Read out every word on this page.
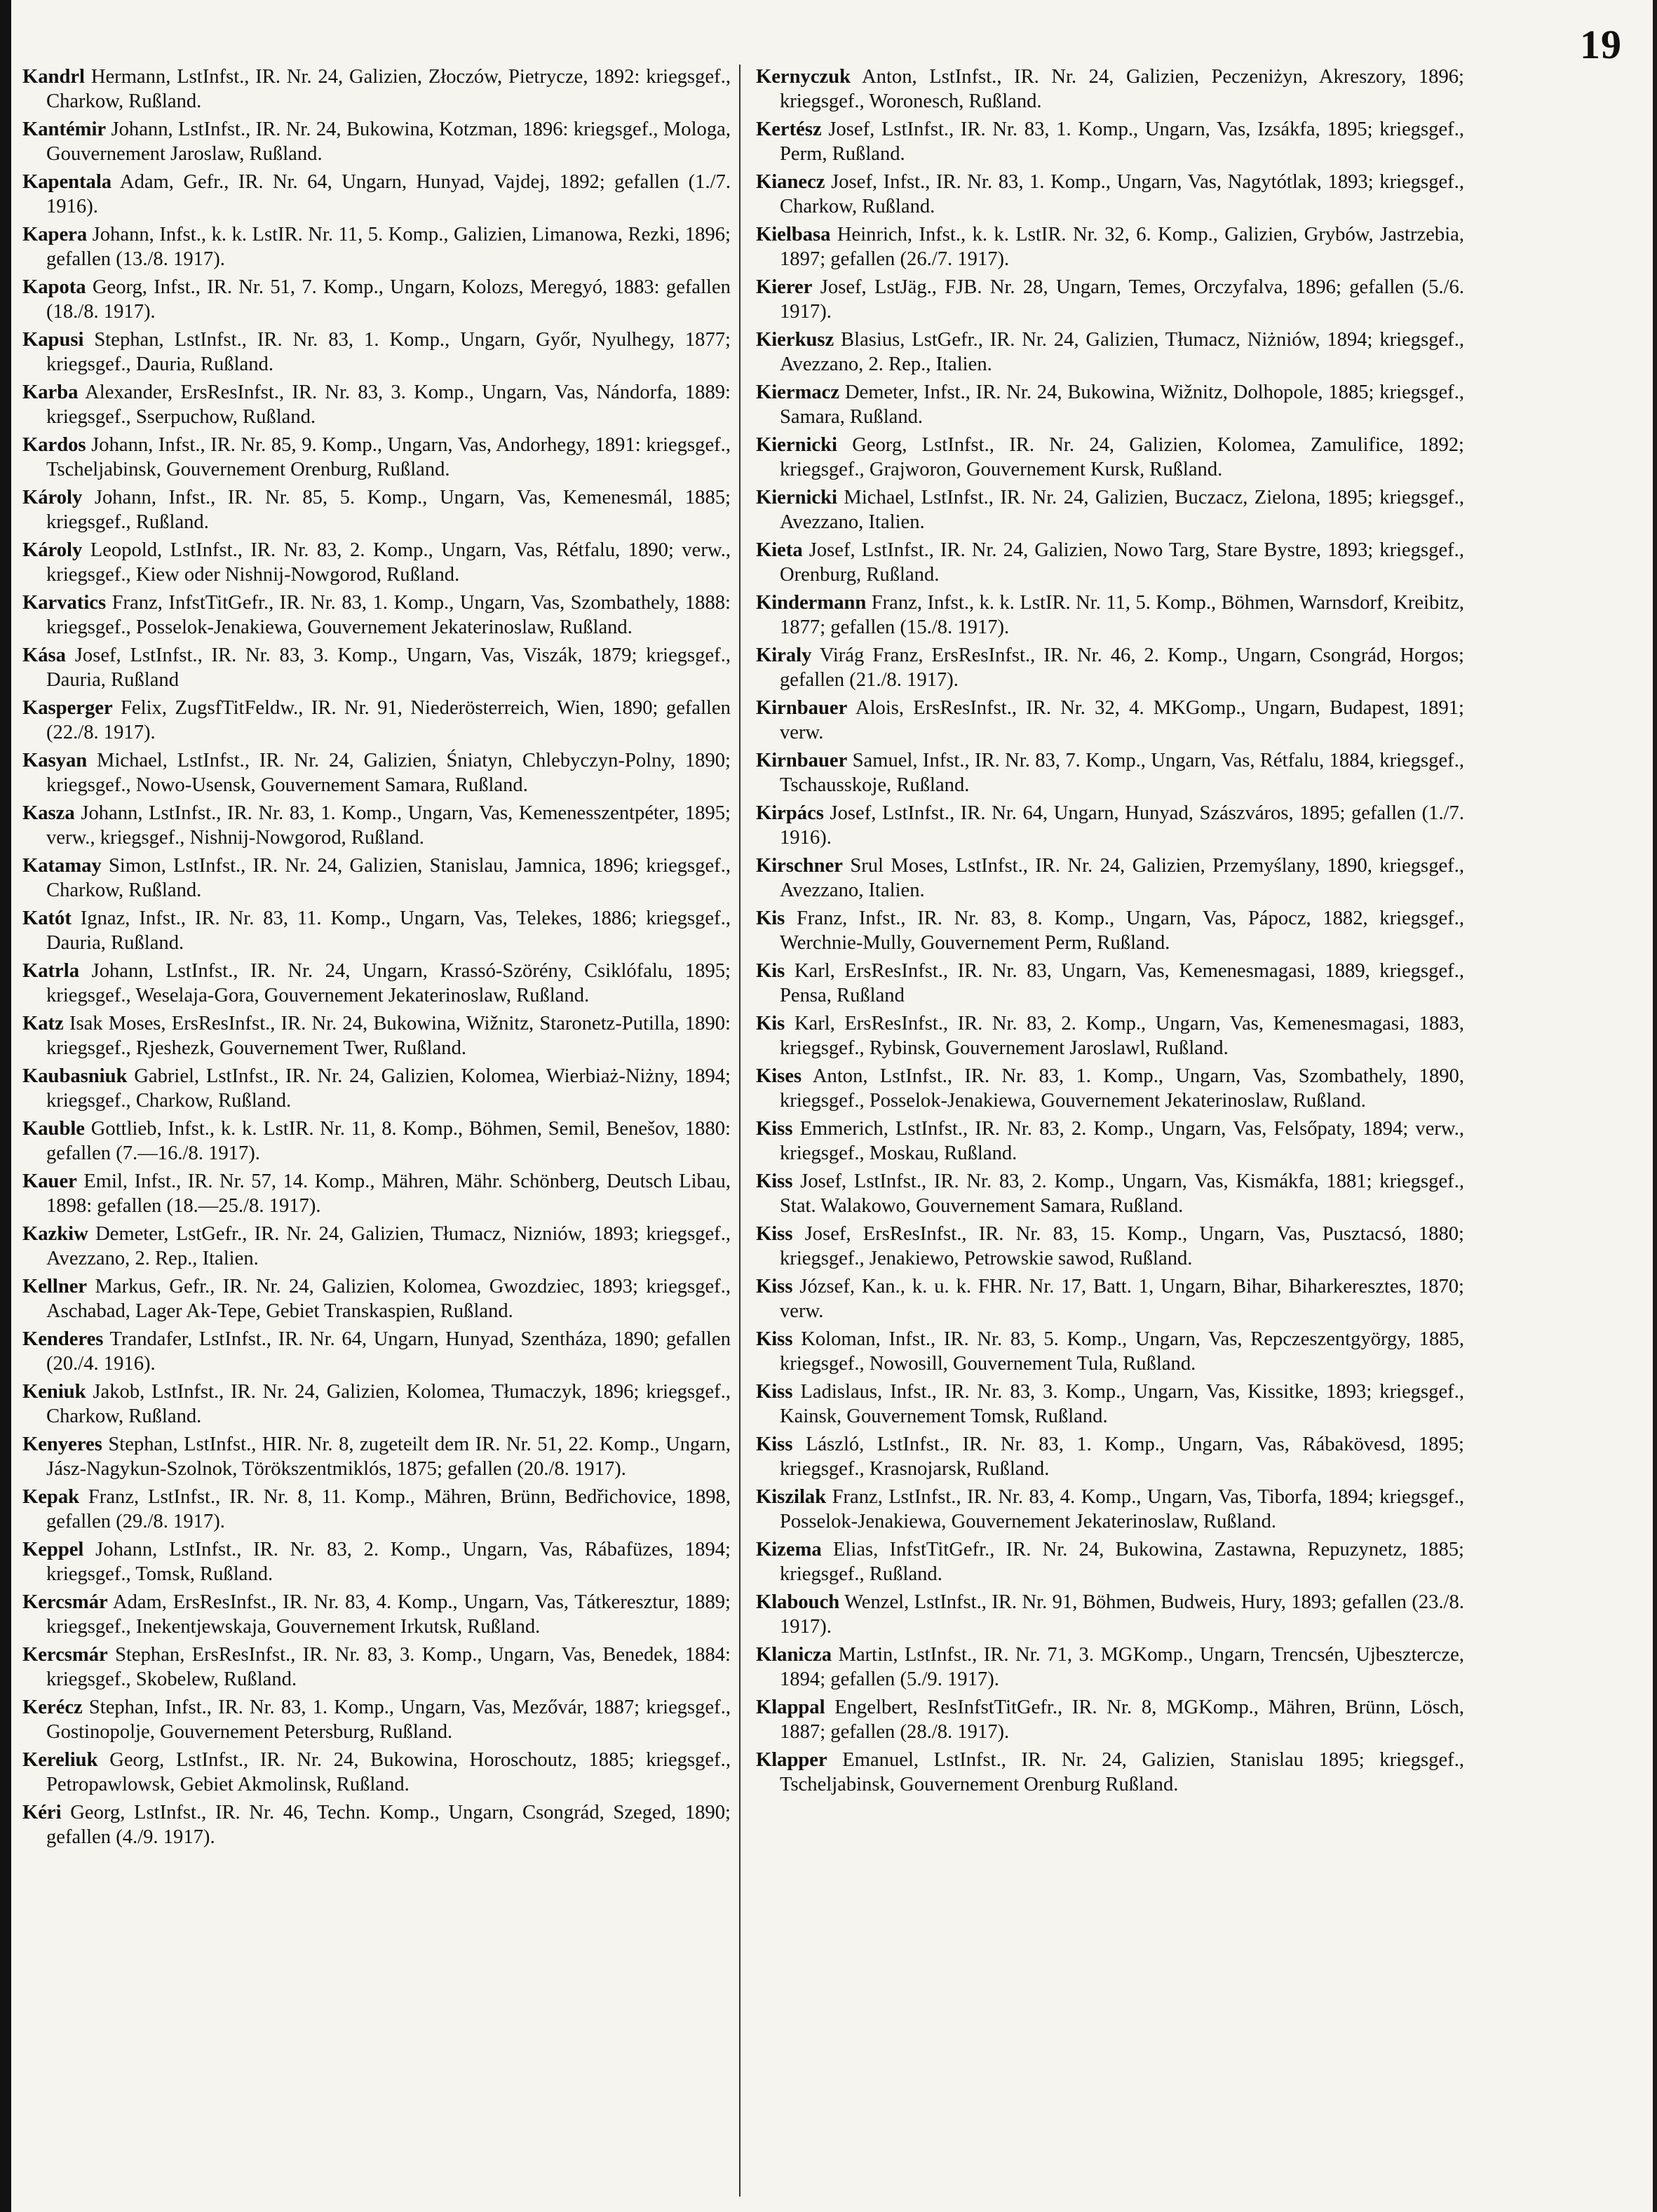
19

Kandrl Hermann, LstInfst., IR. Nr. 24, Galizien, Złoczów, Pietrycze, 1892: kriegsgef., Charkow, Rußland.

Kantémir Johann, LstInfst., IR. Nr. 24, Bukowina, Kotzman, 1896: kriegsgef., Mologa, Gouvernement Jaroslaw, Rußland.

Kapentala Adam, Gefr., IR. Nr. 64, Ungarn, Hunyad, Vajdej, 1892; gefallen (1./7. 1916).

Kapera Johann, Infst., k. k. LstIR. Nr. 11, 5. Komp., Galizien, Limanowa, Rezki, 1896; gefallen (13./8. 1917).

Kapota Georg, Infst., IR. Nr. 51, 7. Komp., Ungarn, Kolozs, Meregyó, 1883: gefallen (18./8. 1917).

Kapusi Stephan, LstInfst., IR. Nr. 83, 1. Komp., Ungarn, Győr, Nyulhegy, 1877; kriegsgef., Dauria, Rußland.

Karba Alexander, ErsResInfst., IR. Nr. 83, 3. Komp., Ungarn, Vas, Nándorfa, 1889: kriegsgef., Sserpuchow, Rußland.

Kardos Johann, Infst., IR. Nr. 85, 9. Komp., Ungarn, Vas, Andorhegy, 1891: kriegsgef., Tscheljabinsk, Gouvernement Orenburg, Rußland.

Károly Johann, Infst., IR. Nr. 85, 5. Komp., Ungarn, Vas, Kemenesmál, 1885; kriegsgef., Rußland.

Károly Leopold, LstInfst., IR. Nr. 83, 2. Komp., Ungarn, Vas, Rétfalu, 1890; verw., kriegsgef., Kiew oder Nishnij-Nowgorod, Rußland.

Karvatics Franz, InfstTitGefr., IR. Nr. 83, 1. Komp., Ungarn, Vas, Szombathely, 1888: kriegsgef., Posselok-Jenakiewa, Gouvernement Jekaterinoslaw, Rußland.

Kása Josef, LstInfst., IR. Nr. 83, 3. Komp., Ungarn, Vas, Viszák, 1879; kriegsgef., Dauria, Rußland

Kasperger Felix, ZugsfTitFeldw., IR. Nr. 91, Niederösterreich, Wien, 1890; gefallen (22./8. 1917).

Kasyan Michael, LstInfst., IR. Nr. 24, Galizien, Śniatyn, Chlebyczyn-Polny, 1890; kriegsgef., Nowo-Usensk, Gouvernement Samara, Rußland.

Kasza Johann, LstInfst., IR. Nr. 83, 1. Komp., Ungarn, Vas, Kemenesszentpéter, 1895; verw., kriegsgef., Nishnij-Nowgorod, Rußland.

Katamay Simon, LstInfst., IR. Nr. 24, Galizien, Stanislau, Jamnica, 1896; kriegsgef., Charkow, Rußland.

Katót Ignaz, Infst., IR. Nr. 83, 11. Komp., Ungarn, Vas, Telekes, 1886; kriegsgef., Dauria, Rußland.

Katrla Johann, LstInfst., IR. Nr. 24, Ungarn, Krassó-Szörény, Csiklófalu, 1895; kriegsgef., Weselaja-Gora, Gouvernement Jekaterinoslaw, Rußland.

Katz Isak Moses, ErsResInfst., IR. Nr. 24, Bukowina, Wižnitz, Staronetz-Putilla, 1890: kriegsgef., Rjeshezk, Gouvernement Twer, Rußland.

Kaubasniuk Gabriel, LstInfst., IR. Nr. 24, Galizien, Kolomea, Wierbiaż-Niżny, 1894; kriegsgef., Charkow, Rußland.

Kauble Gottlieb, Infst., k. k. LstIR. Nr. 11, 8. Komp., Böhmen, Semil, Benešov, 1880: gefallen (7.—16./8. 1917).

Kauer Emil, Infst., IR. Nr. 57, 14. Komp., Mähren, Mähr. Schönberg, Deutsch Libau, 1898: gefallen (18.—25./8. 1917).

Kazkiw Demeter, LstGefr., IR. Nr. 24, Galizien, Tłumacz, Nizniów, 1893; kriegsgef., Avezzano, 2. Rep., Italien.

Kellner Markus, Gefr., IR. Nr. 24, Galizien, Kolomea, Gwozdziec, 1893; kriegsgef., Aschabad, Lager Ak-Tepe, Gebiet Transkaspien, Rußland.

Kenderes Trandafer, LstInfst., IR. Nr. 64, Ungarn, Hunyad, Szentháza, 1890; gefallen (20./4. 1916).

Keniuk Jakob, LstInfst., IR. Nr. 24, Galizien, Kolomea, Tłumaczyk, 1896; kriegsgef., Charkow, Rußland.

Kenyeres Stephan, LstInfst., HIR. Nr. 8, zugeteilt dem IR. Nr. 51, 22. Komp., Ungarn, Jász-Nagykun-Szolnok, Törökszentmiklós, 1875; gefallen (20./8. 1917).

Kepak Franz, LstInfst., IR. Nr. 8, 11. Komp., Mähren, Brünn, Bedřichovice, 1898, gefallen (29./8. 1917).

Keppel Johann, LstInfst., IR. Nr. 83, 2. Komp., Ungarn, Vas, Rábafüzes, 1894; kriegsgef., Tomsk, Rußland.

Kercsmár Adam, ErsResInfst., IR. Nr. 83, 4. Komp., Ungarn, Vas, Tátkeresztur, 1889; kriegsgef., Inekentjewskaja, Gouvernement Irkutsk, Rußland.

Kercsmár Stephan, ErsResInfst., IR. Nr. 83, 3. Komp., Ungarn, Vas, Benedek, 1884: kriegsgef., Skobelew, Rußland.

Kerécz Stephan, Infst., IR. Nr. 83, 1. Komp., Ungarn, Vas, Mezővár, 1887; kriegsgef., Gostinopolje, Gouvernement Petersburg, Rußland.

Kereliuk Georg, LstInfst., IR. Nr. 24, Bukowina, Horoschoutz, 1885; kriegsgef., Petropawlowsk, Gebiet Akmolinsk, Rußland.

Kéri Georg, LstInfst., IR. Nr. 46, Techn. Komp., Ungarn, Csongrád, Szeged, 1890; gefallen (4./9. 1917).

Kernyczuk Anton, LstInfst., IR. Nr. 24, Galizien, Peczeniżyn, Akreszory, 1896; kriegsgef., Woronesch, Rußland.

Kertész Josef, LstInfst., IR. Nr. 83, 1. Komp., Ungarn, Vas, Izsákfa, 1895; kriegsgef., Perm, Rußland.

Kianecz Josef, Infst., IR. Nr. 83, 1. Komp., Ungarn, Vas, Nagytótlak, 1893; kriegsgef., Charkow, Rußland.

Kielbasa Heinrich, Infst., k. k. LstIR. Nr. 32, 6. Komp., Galizien, Grybów, Jastrzebia, 1897; gefallen (26./7. 1917).

Kierer Josef, LstJäg., FJB. Nr. 28, Ungarn, Temes, Orczyfalva, 1896; gefallen (5./6. 1917).

Kierkusz Blasius, LstGefr., IR. Nr. 24, Galizien, Tłumacz, Niżniów, 1894; kriegsgef., Avezzano, 2. Rep., Italien.

Kiermacz Demeter, Infst., IR. Nr. 24, Bukowina, Wižnitz, Dolhopole, 1885; kriegsgef., Samara, Rußland.

Kiernicki Georg, LstInfst., IR. Nr. 24, Galizien, Kolomea, Zamulifice, 1892; kriegsgef., Grajworon, Gouvernement Kursk, Rußland.

Kiernicki Michael, LstInfst., IR. Nr. 24, Galizien, Buczacz, Zielona, 1895; kriegsgef., Avezzano, Italien.

Kieta Josef, LstInfst., IR. Nr. 24, Galizien, Nowo Targ, Stare Bystre, 1893; kriegsgef., Orenburg, Rußland.

Kindermann Franz, Infst., k. k. LstIR. Nr. 11, 5. Komp., Böhmen, Warnsdorf, Kreibitz, 1877; gefallen (15./8. 1917).

Kiraly Virág Franz, ErsResInfst., IR. Nr. 46, 2. Komp., Ungarn, Csongrád, Horgos; gefallen (21./8. 1917).

Kirnbauer Alois, ErsResInfst., IR. Nr. 32, 4. MKGomp., Ungarn, Budapest, 1891; verw.

Kirnbauer Samuel, Infst., IR. Nr. 83, 7. Komp., Ungarn, Vas, Rétfalu, 1884, kriegsgef., Tschausskoje, Rußland.

Kirpács Josef, LstInfst., IR. Nr. 64, Ungarn, Hunyad, Szászváros, 1895; gefallen (1./7. 1916).

Kirschner Srul Moses, LstInfst., IR. Nr. 24, Galizien, Przemyślany, 1890, kriegsgef., Avezzano, Italien.

Kis Franz, Infst., IR. Nr. 83, 8. Komp., Ungarn, Vas, Pápocz, 1882, kriegsgef., Werchnie-Mully, Gouvernement Perm, Rußland.

Kis Karl, ErsResInfst., IR. Nr. 83, Ungarn, Vas, Kemenesmagasi, 1889, kriegsgef., Pensa, Rußland

Kis Karl, ErsResInfst., IR. Nr. 83, 2. Komp., Ungarn, Vas, Kemenesmagasi, 1883, kriegsgef., Rybinsk, Gouvernement Jaroslawl, Rußland.

Kises Anton, LstInfst., IR. Nr. 83, 1. Komp., Ungarn, Vas, Szombathely, 1890, kriegsgef., Posselok-Jenakiewa, Gouvernement Jekaterinoslaw, Rußland.

Kiss Emmerich, LstInfst., IR. Nr. 83, 2. Komp., Ungarn, Vas, Felsőpaty, 1894; verw., kriegsgef., Moskau, Rußland.

Kiss Josef, LstInfst., IR. Nr. 83, 2. Komp., Ungarn, Vas, Kismákfa, 1881; kriegsgef., Stat. Walakowo, Gouvernement Samara, Rußland.

Kiss Josef, ErsResInfst., IR. Nr. 83, 15. Komp., Ungarn, Vas, Pusztacsó, 1880; kriegsgef., Jenakiewo, Petrowskie sawod, Rußland.

Kiss József, Kan., k. u. k. FHR. Nr. 17, Batt. 1, Ungarn, Bihar, Biharkeresztes, 1870; verw.

Kiss Koloman, Infst., IR. Nr. 83, 5. Komp., Ungarn, Vas, Repczeszentgyörgy, 1885, kriegsgef., Nowosill, Gouvernement Tula, Rußland.

Kiss Ladislaus, Infst., IR. Nr. 83, 3. Komp., Ungarn, Vas, Kissitke, 1893; kriegsgef., Kainsk, Gouvernement Tomsk, Rußland.

Kiss László, LstInfst., IR. Nr. 83, 1. Komp., Ungarn, Vas, Rábakövesd, 1895; kriegsgef., Krasnojarsk, Rußland.

Kiszilak Franz, LstInfst., IR. Nr. 83, 4. Komp., Ungarn, Vas, Tiborfa, 1894; kriegsgef., Posselok-Jenakiewa, Gouvernement Jekaterinoslaw, Rußland.

Kizema Elias, InfstTitGefr., IR. Nr. 24, Bukowina, Zastawna, Repuzynetz, 1885; kriegsgef., Rußland.

Klabouch Wenzel, LstInfst., IR. Nr. 91, Böhmen, Budweis, Hury, 1893; gefallen (23./8. 1917).

Klanicza Martin, LstInfst., IR. Nr. 71, 3. MGKomp., Ungarn, Trencsén, Ujbesztercze, 1894; gefallen (5./9. 1917).

Klappal Engelbert, ResInfstTitGefr., IR. Nr. 8, MGKomp., Mähren, Brünn, Lösch, 1887; gefallen (28./8. 1917).

Klapper Emanuel, LstInfst., IR. Nr. 24, Galizien, Stanislau 1895; kriegsgef., Tscheljabinsk, Gouvernement Orenburg Rußland.
